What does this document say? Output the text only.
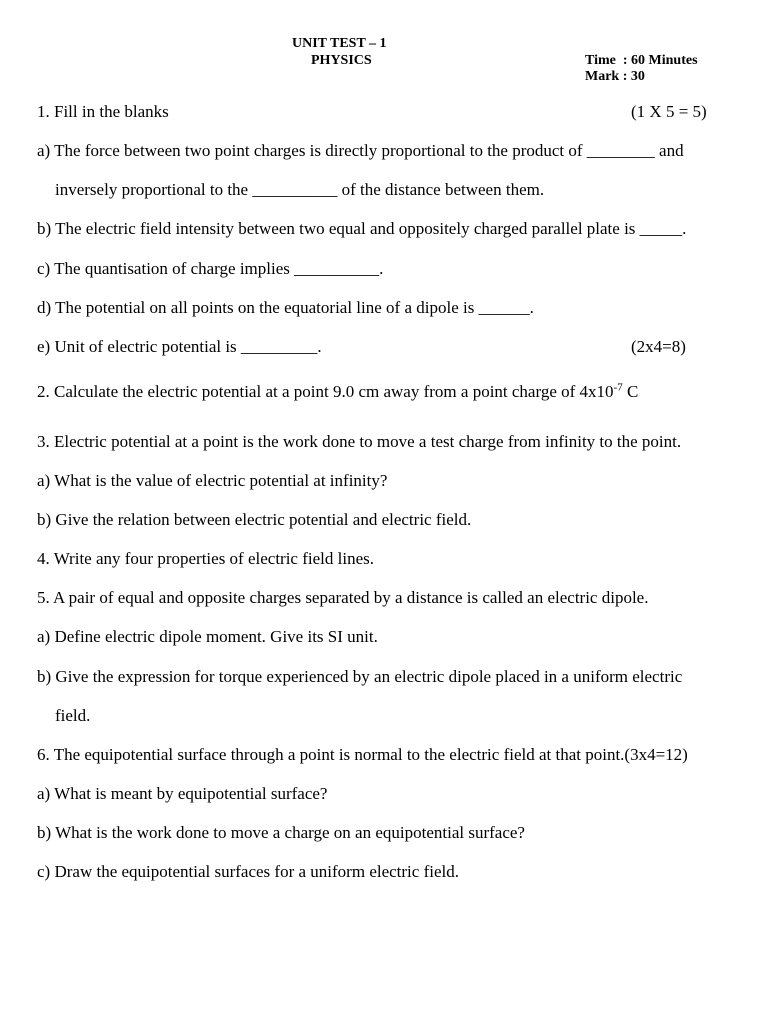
UNIT TEST – 1
PHYSICS	Time  : 60 Minutes
Mark : 30
1. Fill in the blanks	(1 X 5 = 5)
a) The force between two point charges is directly proportional to the product of ________ and
inversely proportional to the __________ of the distance between them.
b) The electric field intensity between two equal and oppositely charged parallel plate is _____.
c) The quantisation of charge implies __________.
d) The potential on all points on the equatorial line of a dipole is ______.
e) Unit of electric potential is _________.	(2x4=8)
2. Calculate the electric potential at a point 9.0 cm away from a point charge of $4x10^{-7}$ C
3. Electric potential at a point is the work done to move a test charge from infinity to the point.
a) What is the value of electric potential at infinity?
b) Give the relation between electric potential and electric field.
4. Write any four properties of electric field lines.
5. A pair of equal and opposite charges separated by a distance is called an electric dipole.
a) Define electric dipole moment. Give its SI unit.
b) Give the expression for torque experienced by an electric dipole placed in a uniform electric
field.
6. The equipotential surface through a point is normal to the electric field at that point.(3x4=12)
a) What is meant by equipotential surface?
b) What is the work done to move a charge on an equipotential surface?
c) Draw the equipotential surfaces for a uniform electric field.
